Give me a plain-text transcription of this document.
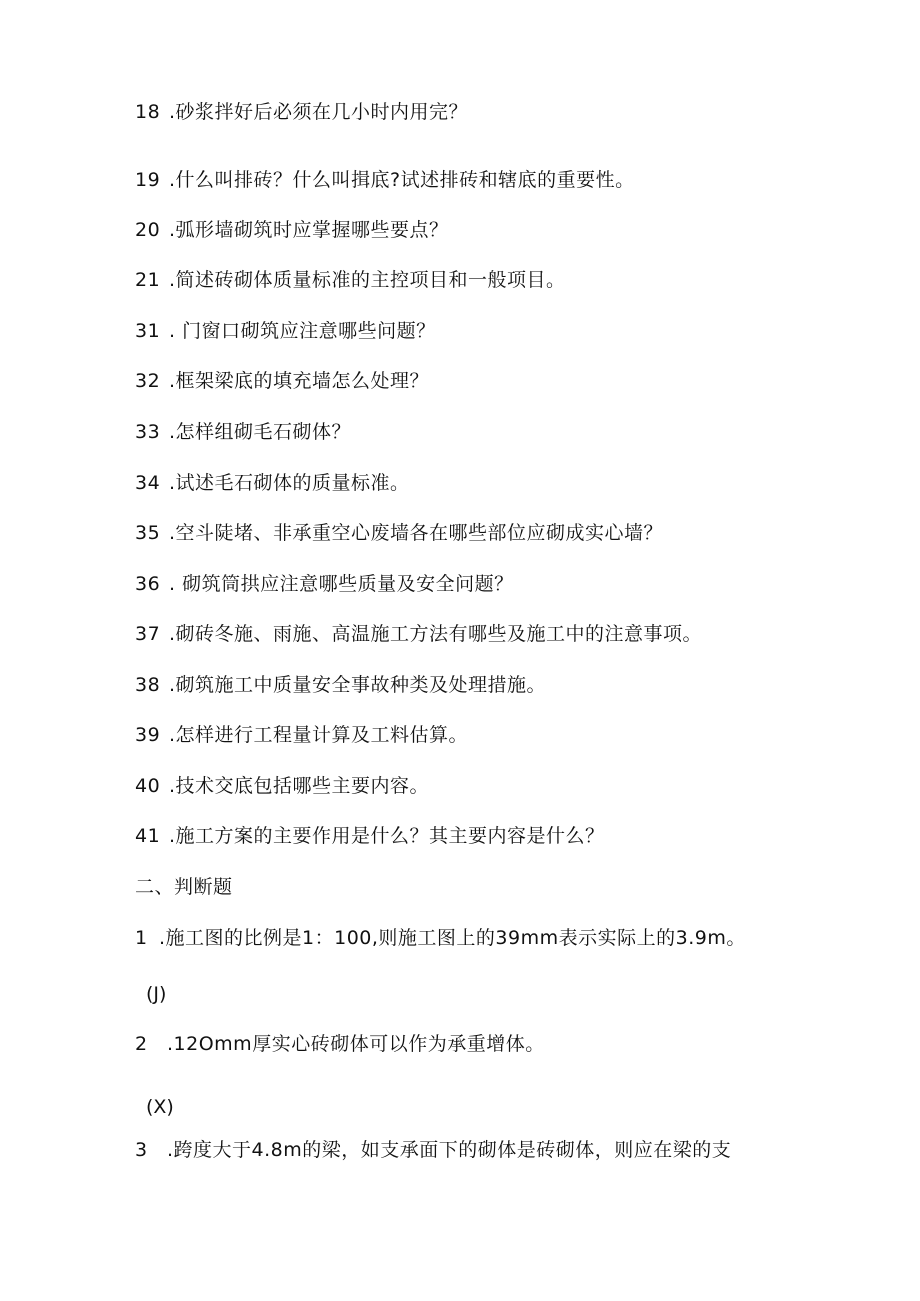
18 .砂浆拌好后必须在几小时内用完？
19 .什么叫排砖？什么叫揖底?试述排砖和辖底的重要性。
20 .弧形墙砌筑时应掌握哪些要点？
21 .简述砖砌体质量标准的主控项目和一般项目。
31 . 门窗口砌筑应注意哪些问题？
32 .框架梁底的填充墙怎么处理？
33 .怎样组砌毛石砌体？
34 .试述毛石砌体的质量标准。
35 .空斗陡堵、非承重空心废墙各在哪些部位应砌成实心墙？
36 . 砌筑筒拱应注意哪些质量及安全问题？
37 .砌砖冬施、雨施、高温施工方法有哪些及施工中的注意事项。
38 .砌筑施工中质量安全事故种类及处理措施。
39 .怎样进行工程量计算及工料估算。
40 .技术交底包括哪些主要内容。
41 .施工方案的主要作用是什么？其主要内容是什么？
二、判断题
1 .施工图的比例是1：100,则施工图上的39mm表示实际上的3.9m。
(J)
2 .12Omm厚实心砖砌体可以作为承重增体。
(X)
3 .跨度大于4.8m的梁，如支承面下的砌体是砖砌体，则应在梁的支
